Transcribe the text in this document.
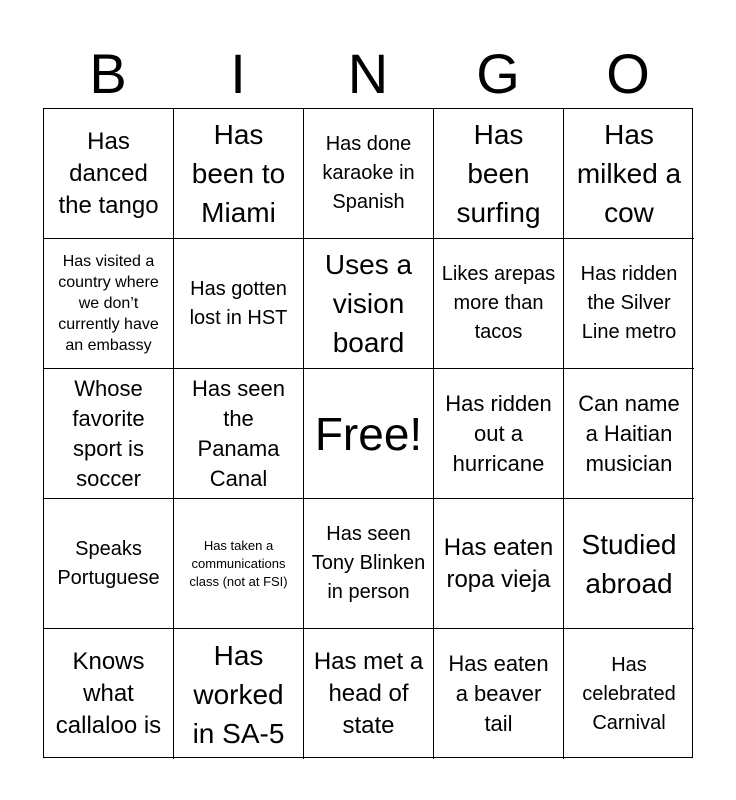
B	I	N	G	O
Has danced the tango
Has been to Miami
Has done karaoke in Spanish
Has been surfing
Has milked a cow
Has visited a country where we don’t currently have an embassy
Has gotten lost in HST
Uses a vision board
Likes arepas more than tacos
Has ridden the Silver Line metro
Whose favorite sport is soccer
Has seen the Panama Canal
Free!
Has ridden out a hurricane
Can name a Haitian musician
Speaks Portuguese
Has taken a communications class (not at FSI)
Has seen Tony Blinken in person
Has eaten ropa vieja
Studied abroad
Knows what callaloo is
Has worked in SA-5
Has met a head of state
Has eaten a beaver tail
Has celebrated Carnival
